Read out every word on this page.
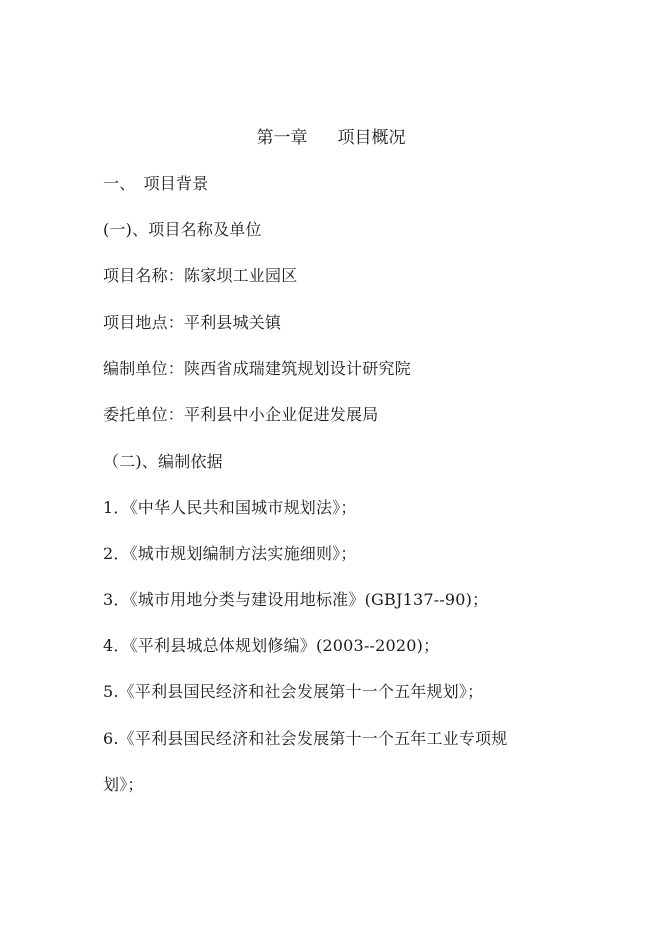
第一章 项目概况
一、　项目背景
(一)、项目名称及单位
项目名称：陈家坝工业园区
项目地点：平利县城关镇
编制单位：陕西省成瑞建筑规划设计研究院
委托单位：平利县中小企业促进发展局
（二)、编制依据
1．《中华人民共和国城市规划法》；
2．《城市规划编制方法实施细则》；
3．《城市用地分类与建设用地标准》(GBJ137--90)；
4．《平利县城总体规划修编》(2003--2020)；
5.《平利县国民经济和社会发展第十一个五年规划》；
6.《平利县国民经济和社会发展第十一个五年工业专项规
划》；
